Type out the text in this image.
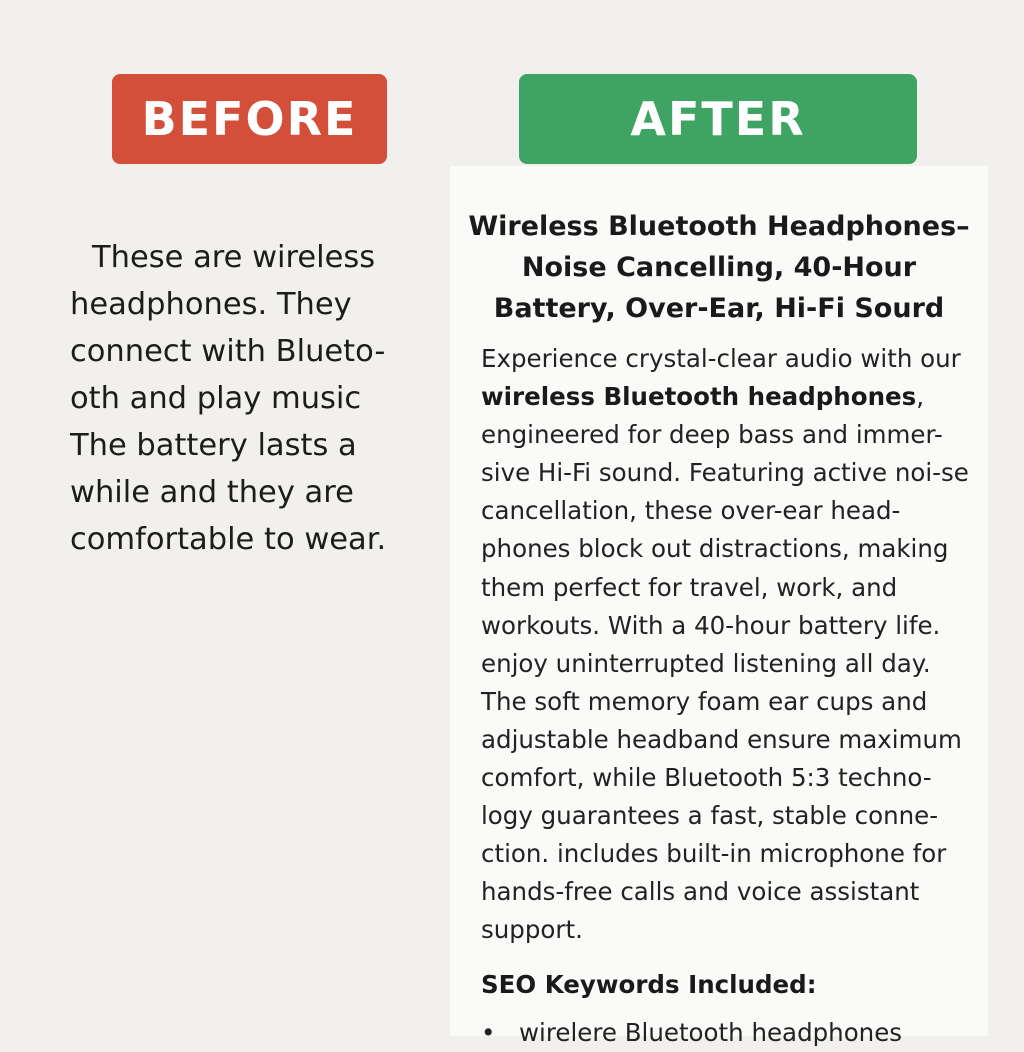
BEFORE	AFTER

These are wireless
headphones. They
connect with Blueto-
oth and play music
The battery lasts a
while and they are
comfortable to wear.

Wireless Bluetooth Headphones–
Noise Cancelling, 40-Hour
Battery, Over-Ear, Hi-Fi Sourd

Experience crystal-clear audio with our wireless Bluetooth headphones, engineered for deep bass and immer-sive Hi-Fi sound. Featuring active noi-se cancellation, these over-ear head-phones block out distractions, making them perfect for travel, work, and workouts. With a 40-hour battery life. enjoy uninterrupted listening all day. The soft memory foam ear cups and adjustable headband ensure maximum comfort, while Bluetooth 5:3 techno-logy guarantees a fast, stable conne-ction. includes built-in microphone for hands-free calls and voice assistant support.

SEO Keywords Included:

• wirelere Bluetooth headphones
